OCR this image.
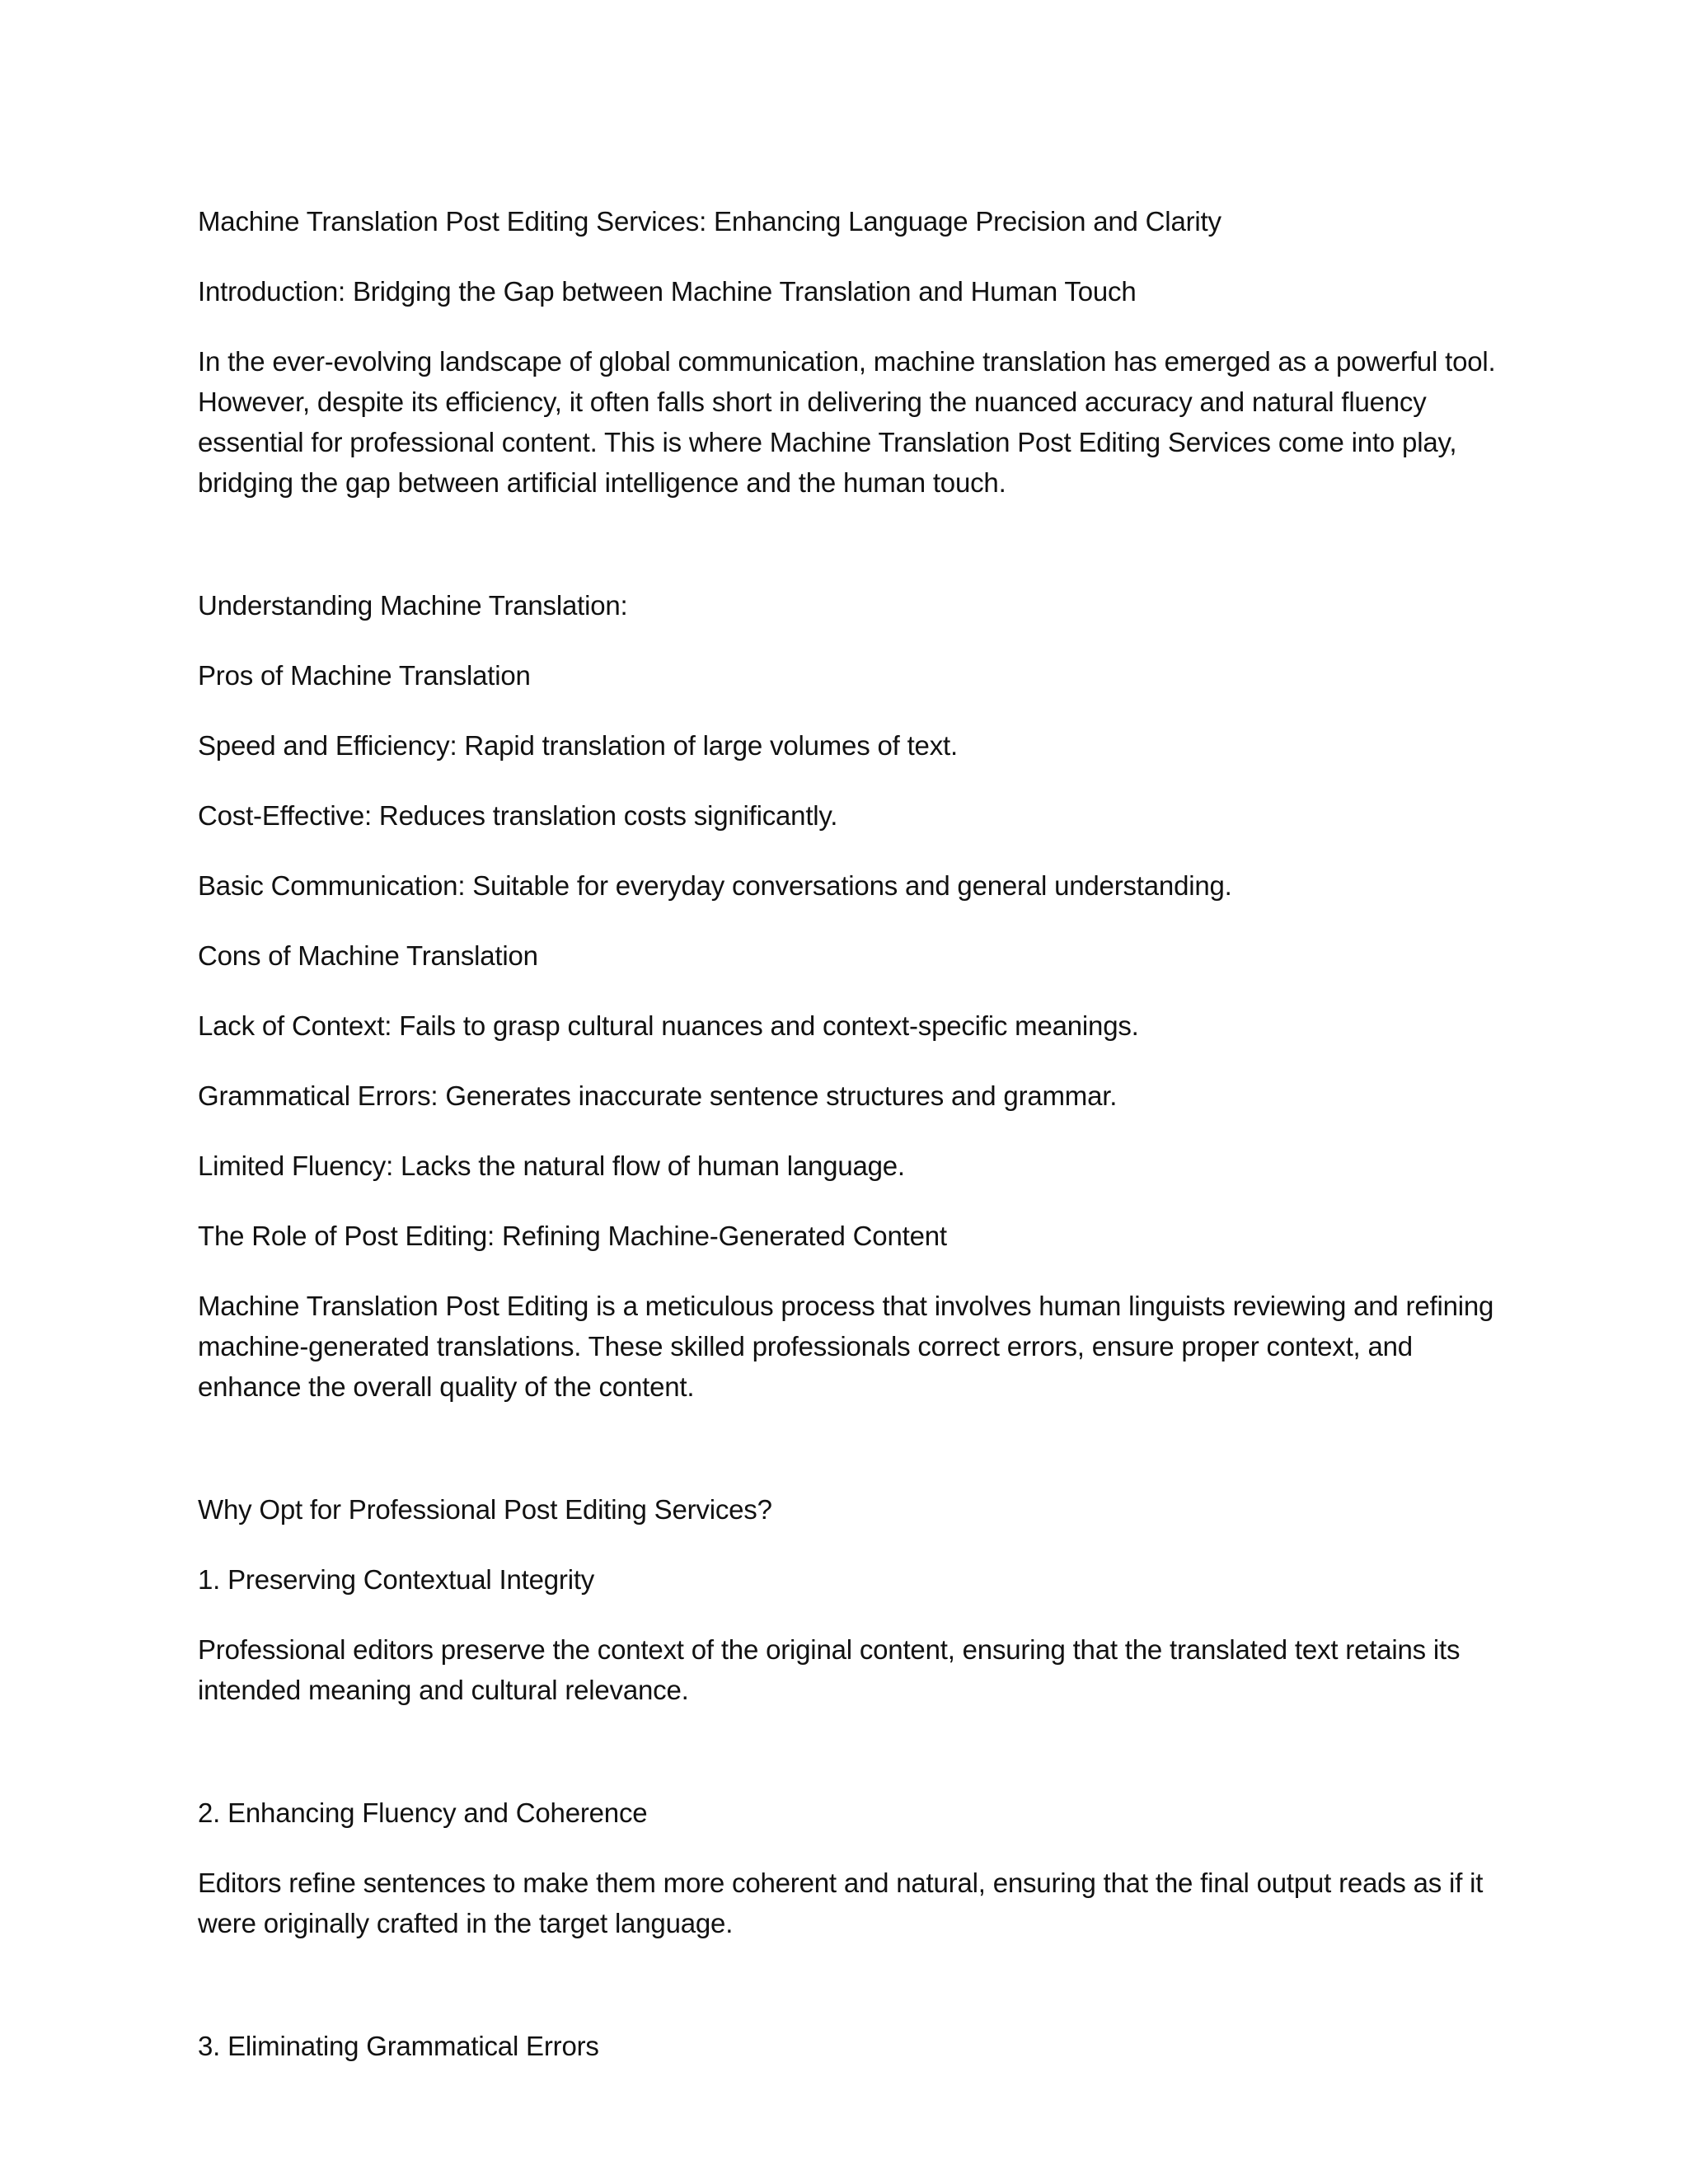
Machine Translation Post Editing Services: Enhancing Language Precision and Clarity

Introduction: Bridging the Gap between Machine Translation and Human Touch

In the ever-evolving landscape of global communication, machine translation has emerged as a powerful tool. However, despite its efficiency, it often falls short in delivering the nuanced accuracy and natural fluency essential for professional content. This is where Machine Translation Post Editing Services come into play, bridging the gap between artificial intelligence and the human touch.

Understanding Machine Translation:

Pros of Machine Translation

Speed and Efficiency: Rapid translation of large volumes of text.

Cost-Effective: Reduces translation costs significantly.

Basic Communication: Suitable for everyday conversations and general understanding.

Cons of Machine Translation

Lack of Context: Fails to grasp cultural nuances and context-specific meanings.

Grammatical Errors: Generates inaccurate sentence structures and grammar.

Limited Fluency: Lacks the natural flow of human language.

The Role of Post Editing: Refining Machine-Generated Content

Machine Translation Post Editing is a meticulous process that involves human linguists reviewing and refining machine-generated translations. These skilled professionals correct errors, ensure proper context, and enhance the overall quality of the content.

Why Opt for Professional Post Editing Services?

1. Preserving Contextual Integrity

Professional editors preserve the context of the original content, ensuring that the translated text retains its intended meaning and cultural relevance.

2. Enhancing Fluency and Coherence

Editors refine sentences to make them more coherent and natural, ensuring that the final output reads as if it were originally crafted in the target language.

3. Eliminating Grammatical Errors
